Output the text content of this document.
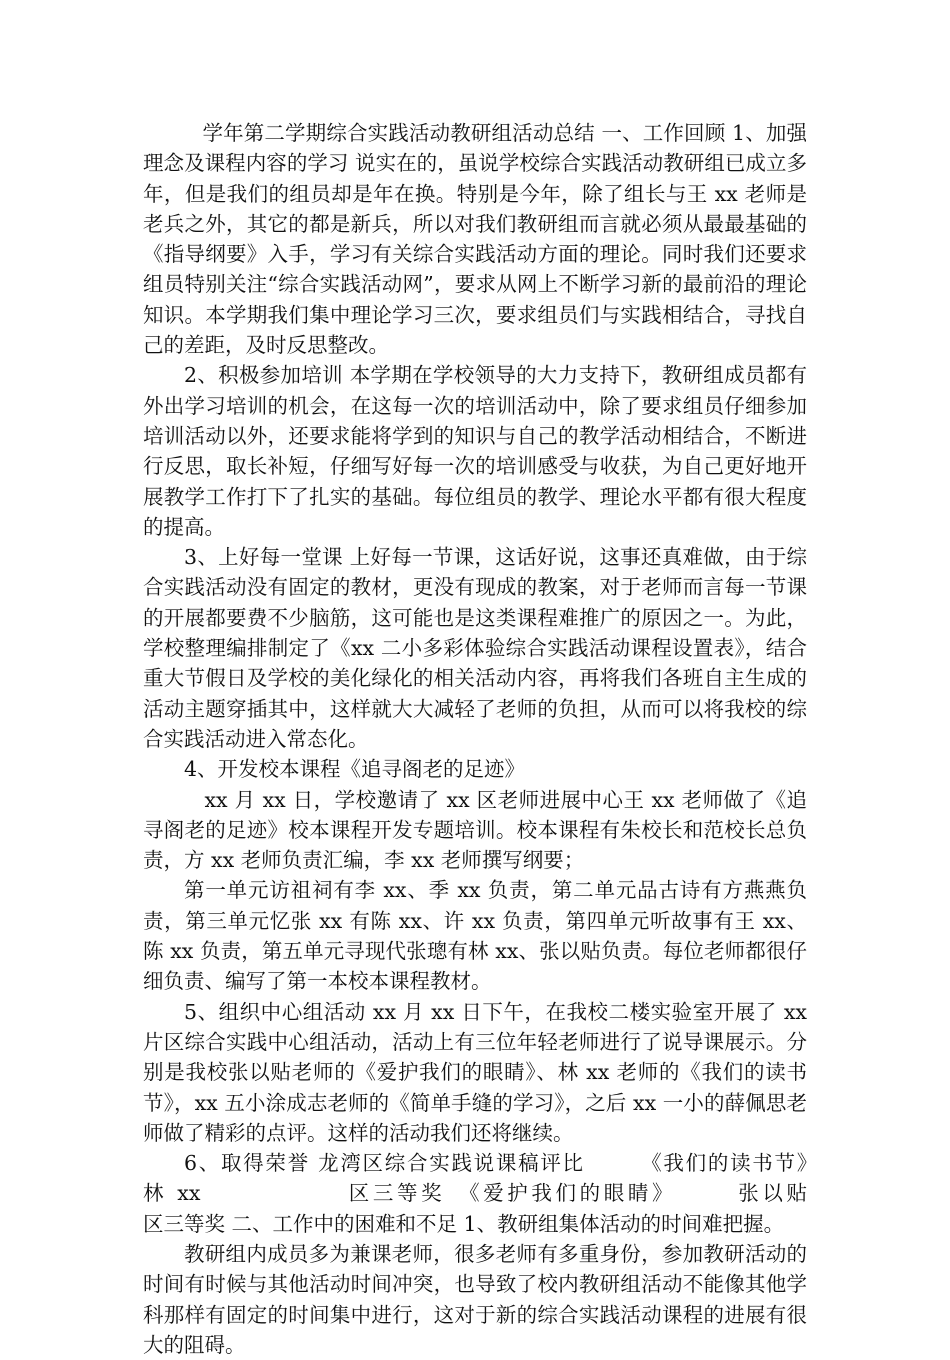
学年第二学期综合实践活动教研组活动总结 一、工作回顾 1、加强理念及课程内容的学习 说实在的，虽说学校综合实践活动教研组已成立多年，但是我们的组员却是年在换。特别是今年，除了组长与王 xx 老师是老兵之外，其它的都是新兵，所以对我们教研组而言就必须从最最基础的《指导纲要》入手，学习有关综合实践活动方面的理论。同时我们还要求组员特别关注“综合实践活动网”，要求从网上不断学习新的最前沿的理论知识。本学期我们集中理论学习三次，要求组员们与实践相结合，寻找自己的差距，及时反思整改。

2、积极参加培训 本学期在学校领导的大力支持下，教研组成员都有外出学习培训的机会，在这每一次的培训活动中，除了要求组员仔细参加培训活动以外，还要求能将学到的知识与自己的教学活动相结合，不断进行反思，取长补短，仔细写好每一次的培训感受与收获，为自己更好地开展教学工作打下了扎实的基础。每位组员的教学、理论水平都有很大程度的提高。

3、上好每一堂课 上好每一节课，这话好说，这事还真难做，由于综合实践活动没有固定的教材，更没有现成的教案，对于老师而言每一节课的开展都要费不少脑筋，这可能也是这类课程难推广的原因之一。为此，学校整理编排制定了《xx 二小多彩体验综合实践活动课程设置表》，结合重大节假日及学校的美化绿化的相关活动内容，再将我们各班自主生成的活动主题穿插其中，这样就大大减轻了老师的负担，从而可以将我校的综合实践活动进入常态化。

4、开发校本课程《追寻阁老的足迹》

xx 月 xx 日，学校邀请了 xx 区老师进展中心王 xx 老师做了《追寻阁老的足迹》校本课程开发专题培训。校本课程有朱校长和范校长总负责，方 xx 老师负责汇编，李 xx 老师撰写纲要；

第一单元访祖祠有李 xx、季 xx 负责，第二单元品古诗有方燕燕负责，第三单元忆张 xx 有陈 xx、许 xx 负责，第四单元听故事有王 xx、陈 xx 负责，第五单元寻现代张璁有林 xx、张以贴负责。每位老师都很仔细负责、编写了第一本校本课程教材。

5、组织中心组活动 xx 月 xx 日下午，在我校二楼实验室开展了 xx 片区综合实践中心组活动，活动上有三位年轻老师进行了说导课展示。分别是我校张以贴老师的《爱护我们的眼睛》、林 xx 老师的《我们的读书节》，xx 五小涂成志老师的《简单手缝的学习》，之后 xx 一小的薛佩思老师做了精彩的点评。这样的活动我们还将继续。

6、取得荣誉 龙湾区综合实践说课稿评比　　　《我们的读书节》　　　　林 xx　　　　　　区三等奖　《爱护我们的眼睛》　　　张以贴　　　　　　区三等奖 二、工作中的困难和不足 1、教研组集体活动的时间难把握。

教研组内成员多为兼课老师，很多老师有多重身份，参加教研活动的时间有时候与其他活动时间冲突，也导致了校内教研组活动不能像其他学科那样有固定的时间集中进行，这对于新的综合实践活动课程的进展有很大的阻碍。
